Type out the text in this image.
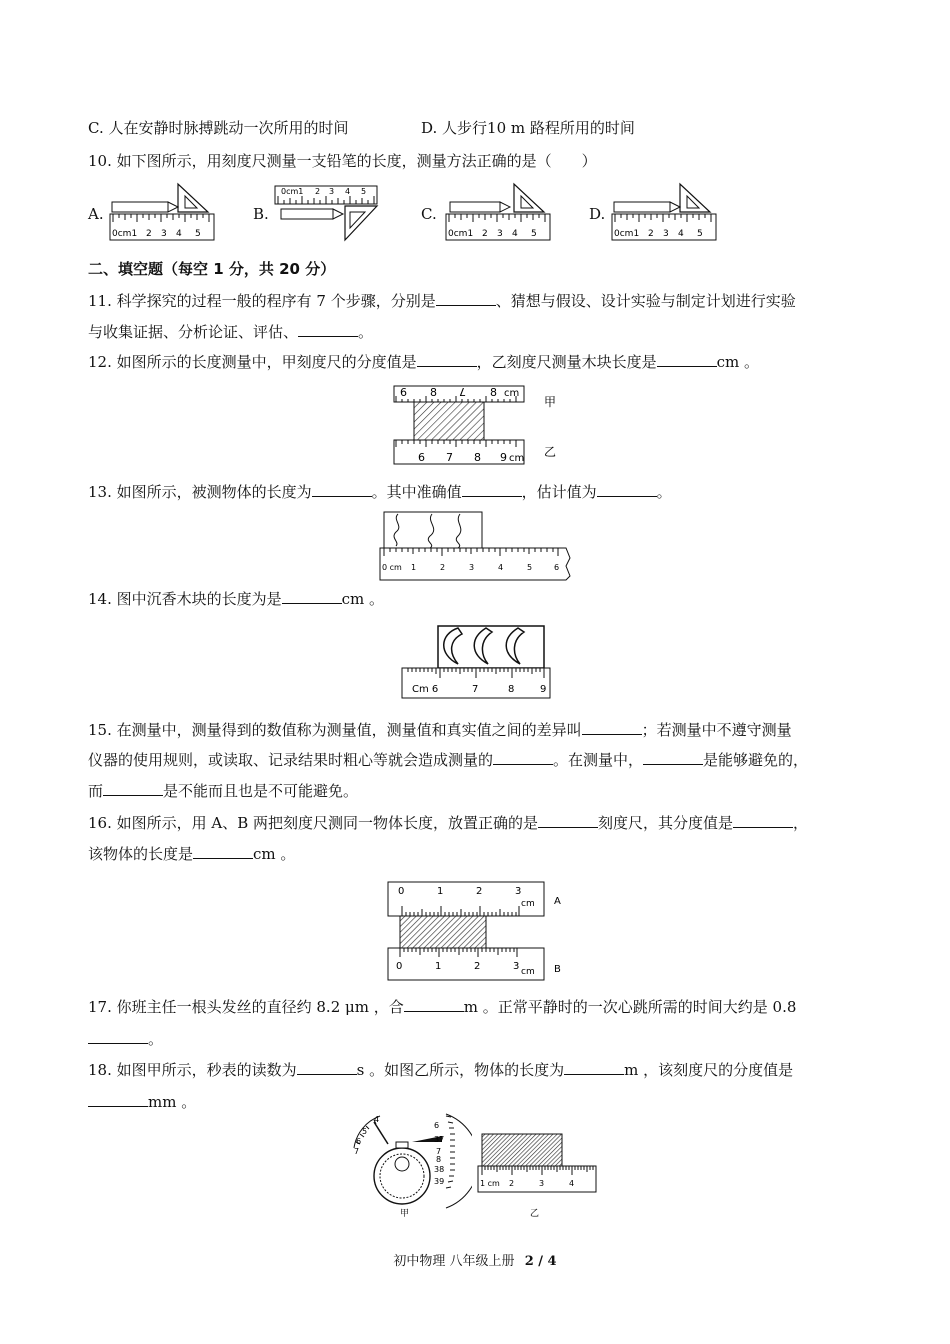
C. 人在安静时脉搏跳动一次所用的时间	D. 人步行10 m 路程所用的时间
10. 如下图所示，用刻度尺测量一支铅笔的长度，测量方法正确的是（　　）
A.	B.	C.	D.
0cm1 2 3 4 5
0cm1 2 3 4 5
0cm1 2 3 4 5	0cm1 2 3 4 5
二、填空题（每空 1 分，共 20 分）
11. 科学探究的过程一般的程序有 7 个步骤，分别是	、猜想与假设、设计实验与制定计划进行实验
与收集证据、分析论证、评估、	。
12. 如图所示的长度测量中，甲刻度尺的分度值是	，乙刻度尺测量木块长度是	cm 。
6 8 7 8 cm
6 7 8 9 cm
甲
乙
13. 如图所示，被测物体的长度为	。其中准确值	，估计值为	。
0 cm 1	2	3	4	5	6
14. 图中沉香木块的长度为是	cm 。
Cm 6	7	8	9
15. 在测量中，测量得到的数值称为测量值，测量值和真实值之间的差异叫	；若测量中不遵守测量
仪器的使用规则，或读取、记录结果时粗心等就会造成测量的	。在测量中，	是能够避免的，
而	是不能而且也是不可能避免。
16. 如图所示，用 A、B 两把刻度尺测同一物体长度，放置正确的是	刻度尺，其分度值是	，
该物体的长度是	cm 。
0	1	2	3
cm A
0	1	2	3 cm B
17. 你班主任一根头发丝的直径约 8.2 μm ，合	m 。正常平静时的一次心跳所需的时间大约是 0.8
。
18. 如图甲所示，秒表的读数为	s 。如图乙所示，物体的长度为	m ，该刻度尺的分度值是
mm 。
4
5
6
7
6
37
7
8
38
39
甲
1 cm 2	3	4
乙
初中物理 八年级上册 2 / 4
